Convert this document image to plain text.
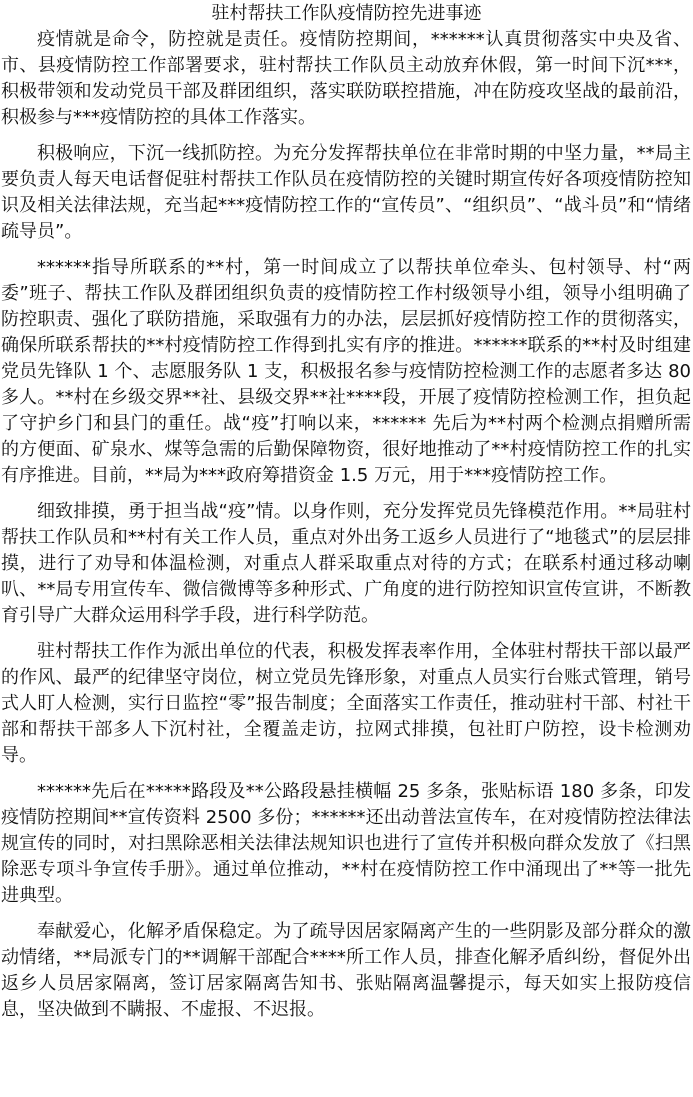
驻村帮扶工作队疫情防控先进事迹

疫情就是命令，防控就是责任。疫情防控期间，******认真贯彻落实中央及省、市、县疫情防控工作部署要求，驻村帮扶工作队员主动放弃休假，第一时间下沉***，积极带领和发动党员干部及群团组织，落实联防联控措施，冲在防疫攻坚战的最前沿，积极参与***疫情防控的具体工作落实。

积极响应，下沉一线抓防控。为充分发挥帮扶单位在非常时期的中坚力量，**局主要负责人每天电话督促驻村帮扶工作队员在疫情防控的关键时期宣传好各项疫情防控知识及相关法律法规，充当起***疫情防控工作的“宣传员”、“组织员”、“战斗员”和“情绪疏导员”。

******指导所联系的**村，第一时间成立了以帮扶单位牵头、包村领导、村“两委”班子、帮扶工作队及群团组织负责的疫情防控工作村级领导小组，领导小组明确了防控职责、强化了联防措施，采取强有力的办法，层层抓好疫情防控工作的贯彻落实，确保所联系帮扶的**村疫情防控工作得到扎实有序的推进。******联系的**村及时组建党员先锋队 1 个、志愿服务队 1 支，积极报名参与疫情防控检测工作的志愿者多达 80 多人。**村在乡级交界**社、县级交界**社****段，开展了疫情防控检测工作，担负起了守护乡门和县门的重任。战“疫”打响以来，****** 先后为**村两个检测点捐赠所需的方便面、矿泉水、煤等急需的后勤保障物资，很好地推动了**村疫情防控工作的扎实有序推进。目前，**局为***政府筹措资金 1.5 万元，用于***疫情防控工作。

细致排摸，勇于担当战“疫”情。以身作则，充分发挥党员先锋模范作用。**局驻村帮扶工作队员和**村有关工作人员，重点对外出务工返乡人员进行了“地毯式”的层层排摸，进行了劝导和体温检测，对重点人群采取重点对待的方式；在联系村通过移动喇叭、**局专用宣传车、微信微博等多种形式、广角度的进行防控知识宣传宣讲，不断教育引导广大群众运用科学手段，进行科学防范。

驻村帮扶工作作为派出单位的代表，积极发挥表率作用，全体驻村帮扶干部以最严的作风、最严的纪律坚守岗位，树立党员先锋形象，对重点人员实行台账式管理，销号式人盯人检测，实行日监控“零”报告制度；全面落实工作责任，推动驻村干部、村社干部和帮扶干部多人下沉村社，全覆盖走访，拉网式排摸，包社盯户防控，设卡检测劝导。

******先后在*****路段及**公路段悬挂横幅 25 多条，张贴标语 180 多条，印发疫情防控期间**宣传资料 2500 多份；******还出动普法宣传车，在对疫情防控法律法规宣传的同时，对扫黑除恶相关法律法规知识也进行了宣传并积极向群众发放了《扫黑除恶专项斗争宣传手册》。通过单位推动，**村在疫情防控工作中涌现出了**等一批先进典型。

奉献爱心，化解矛盾保稳定。为了疏导因居家隔离产生的一些阴影及部分群众的激动情绪，**局派专门的**调解干部配合****所工作人员，排查化解矛盾纠纷，督促外出返乡人员居家隔离，签订居家隔离告知书、张贴隔离温馨提示，每天如实上报防疫信息，坚决做到不瞒报、不虚报、不迟报。
